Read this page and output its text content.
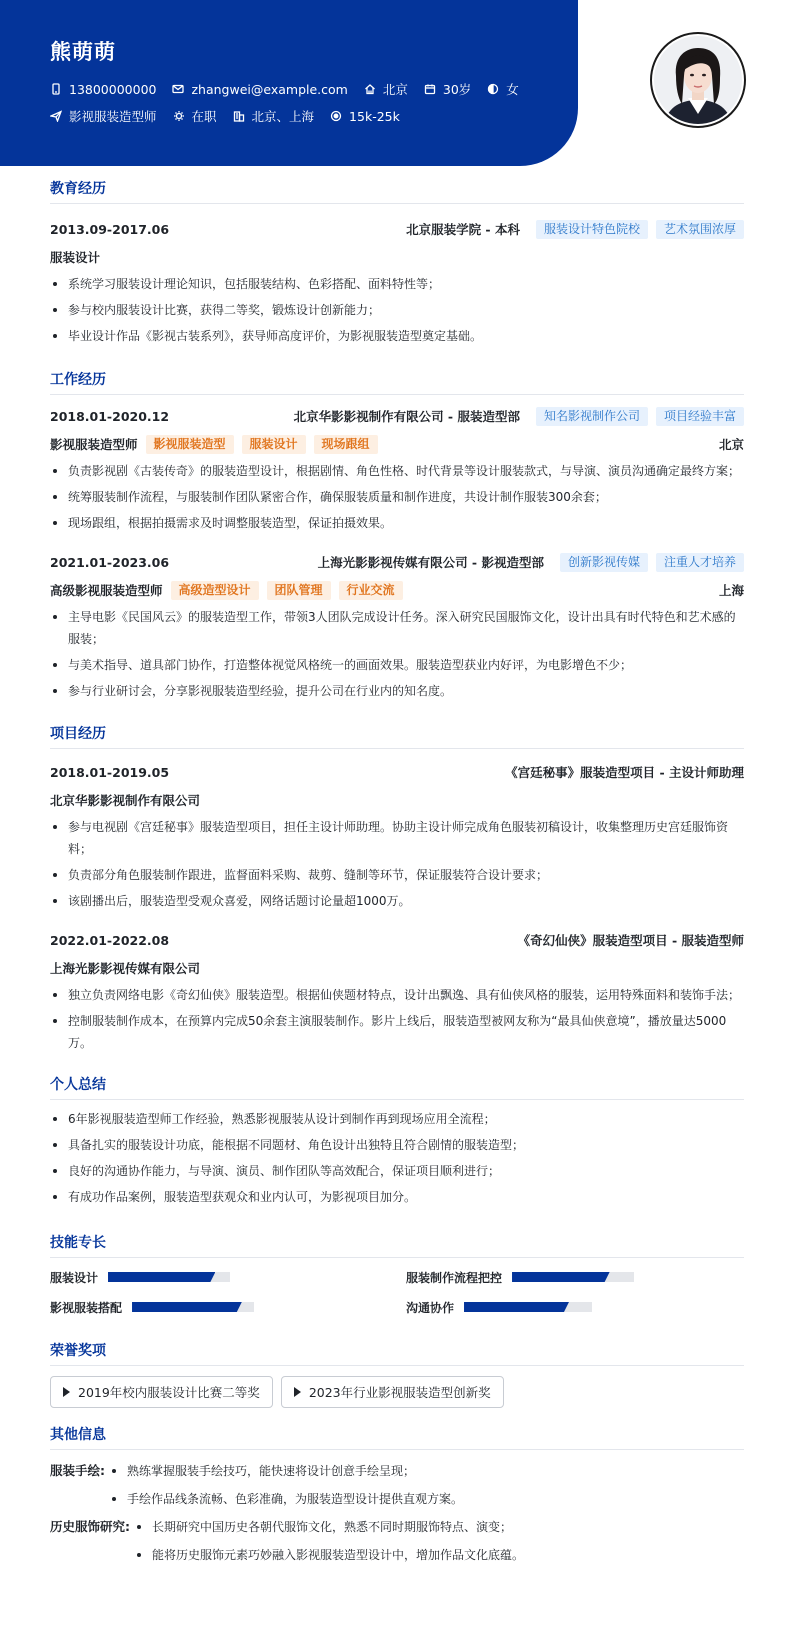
熊萌萌
13800000000	zhangwei@example.com	北京	30岁	女
影视服装造型师	在职	北京、上海	15k-25k
教育经历
2013.09-2017.06	北京服装学院 - 本科	服装设计特色院校	艺术氛围浓厚
服装设计
系统学习服装设计理论知识，包括服装结构、色彩搭配、面料特性等；
参与校内服装设计比赛，获得二等奖，锻炼设计创新能力；
毕业设计作品《影视古装系列》，获导师高度评价，为影视服装造型奠定基础。
工作经历
2018.01-2020.12	北京华影影视制作有限公司 - 服装造型部	知名影视制作公司	项目经验丰富
影视服装造型师	影视服装造型	服装设计	现场跟组	北京
负责影视剧《古装传奇》的服装造型设计，根据剧情、角色性格、时代背景等设计服装款式，与导演、演员沟通确定最终方案；
统筹服装制作流程，与服装制作团队紧密合作，确保服装质量和制作进度，共设计制作服装300余套；
现场跟组，根据拍摄需求及时调整服装造型，保证拍摄效果。
2021.01-2023.06	上海光影影视传媒有限公司 - 影视造型部	创新影视传媒	注重人才培养
高级影视服装造型师	高级造型设计	团队管理	行业交流	上海
主导电影《民国风云》的服装造型工作，带领3人团队完成设计任务。深入研究民国服饰文化，设计出具有时代特色和艺术感的服装；
与美术指导、道具部门协作，打造整体视觉风格统一的画面效果。服装造型获业内好评，为电影增色不少；
参与行业研讨会，分享影视服装造型经验，提升公司在行业内的知名度。
项目经历
2018.01-2019.05	《宫廷秘事》服装造型项目 - 主设计师助理
北京华影影视制作有限公司
参与电视剧《宫廷秘事》服装造型项目，担任主设计师助理。协助主设计师完成角色服装初稿设计，收集整理历史宫廷服饰资料；
负责部分角色服装制作跟进，监督面料采购、裁剪、缝制等环节，保证服装符合设计要求；
该剧播出后，服装造型受观众喜爱，网络话题讨论量超1000万。
2022.01-2022.08	《奇幻仙侠》服装造型项目 - 服装造型师
上海光影影视传媒有限公司
独立负责网络电影《奇幻仙侠》服装造型。根据仙侠题材特点，设计出飘逸、具有仙侠风格的服装，运用特殊面料和装饰手法；
控制服装制作成本，在预算内完成50余套主演服装制作。影片上线后，服装造型被网友称为“最具仙侠意境”，播放量达5000万。
个人总结
6年影视服装造型师工作经验，熟悉影视服装从设计到制作再到现场应用全流程；
具备扎实的服装设计功底，能根据不同题材、角色设计出独特且符合剧情的服装造型；
良好的沟通协作能力，与导演、演员、制作团队等高效配合，保证项目顺利进行；
有成功作品案例，服装造型获观众和业内认可，为影视项目加分。
技能专长
服装设计	服装制作流程把控
影视服装搭配	沟通协作
荣誉奖项
2019年校内服装设计比赛二等奖	2023年行业影视服装造型创新奖
其他信息
服装手绘:	熟练掌握服装手绘技巧，能快速将设计创意手绘呈现；
手绘作品线条流畅、色彩准确，为服装造型设计提供直观方案。
历史服饰研究:	长期研究中国历史各朝代服饰文化，熟悉不同时期服饰特点、演变；
能将历史服饰元素巧妙融入影视服装造型设计中，增加作品文化底蕴。
